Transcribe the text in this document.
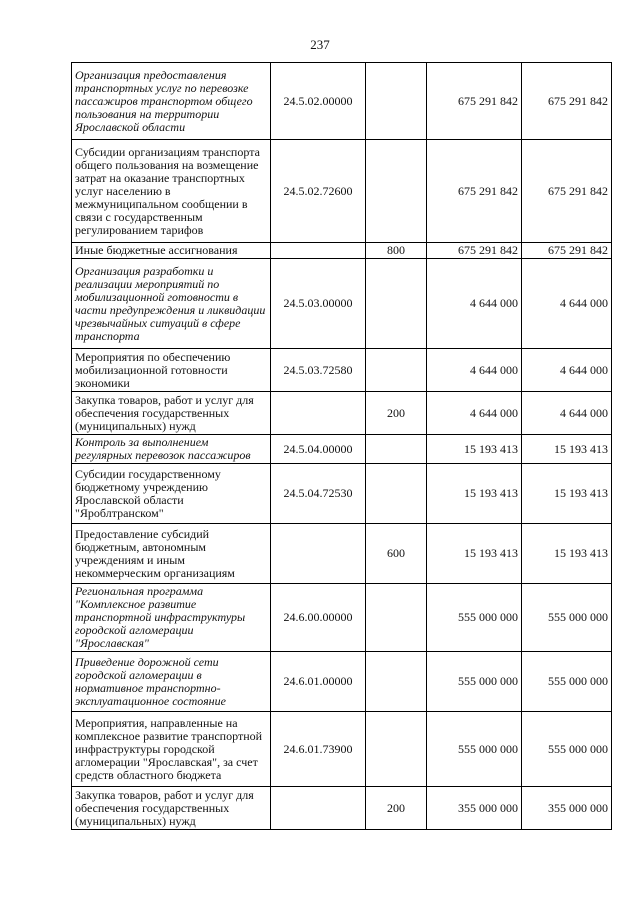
237
Организация предоставления транспортных услуг по перевозке пассажиров транспортом общего пользования на территории Ярославской области	24.5.02.00000		675 291 842	675 291 842
Субсидии организациям транспорта общего пользования на возмещение затрат на оказание транспортных услуг населению в межмуниципальном сообщении в связи с государственным регулированием тарифов	24.5.02.72600		675 291 842	675 291 842
Иные бюджетные ассигнования		800	675 291 842	675 291 842
Организация разработки и реализации мероприятий по мобилизационной готовности в части предупреждения и ликвидации чрезвычайных ситуаций в сфере транспорта	24.5.03.00000		4 644 000	4 644 000
Мероприятия по обеспечению мобилизационной готовности экономики	24.5.03.72580		4 644 000	4 644 000
Закупка товаров, работ и услуг для обеспечения государственных (муниципальных) нужд		200	4 644 000	4 644 000
Контроль за выполнением регулярных перевозок пассажиров	24.5.04.00000		15 193 413	15 193 413
Субсидии государственному бюджетному учреждению Ярославской области "Яроблтранском"	24.5.04.72530		15 193 413	15 193 413
Предоставление субсидий бюджетным, автономным учреждениям и иным некоммерческим организациям		600	15 193 413	15 193 413
Региональная программа "Комплексное развитие транспортной инфраструктуры городской агломерации "Ярославская"	24.6.00.00000		555 000 000	555 000 000
Приведение дорожной сети городской агломерации в нормативное транспортно-эксплуатационное состояние	24.6.01.00000		555 000 000	555 000 000
Мероприятия, направленные на комплексное развитие транспортной инфраструктуры городской агломерации "Ярославская", за счет средств областного бюджета	24.6.01.73900		555 000 000	555 000 000
Закупка товаров, работ и услуг для обеспечения государственных (муниципальных) нужд		200	355 000 000	355 000 000
